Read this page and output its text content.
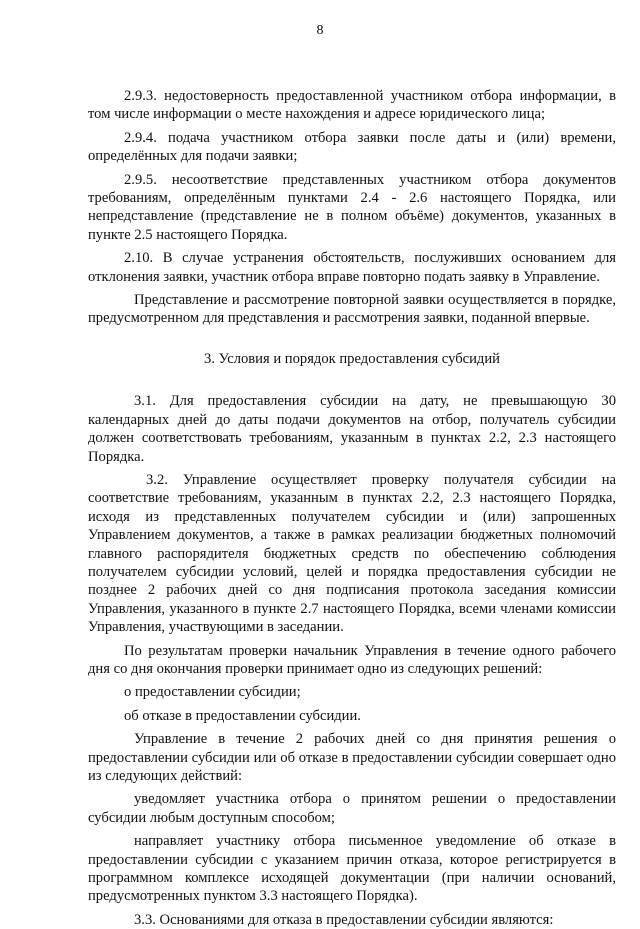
8

2.9.3. недостоверность предоставленной участником отбора информации, в том числе информации о месте нахождения и адресе юридического лица;

2.9.4. подача участником отбора заявки после даты и (или) времени, определённых для подачи заявки;

2.9.5. несоответствие представленных участником отбора документов требованиям, определённым пунктами 2.4 - 2.6 настоящего Порядка, или непредставление (представление не в полном объёме) документов, указанных в пункте 2.5 настоящего Порядка.

2.10. В случае устранения обстоятельств, послуживших основанием для отклонения заявки, участник отбора вправе повторно подать заявку в Управление.

Представление и рассмотрение повторной заявки осуществляется в порядке, предусмотренном для представления и рассмотрения заявки, поданной впервые.

3. Условия и порядок предоставления субсидий

3.1. Для предоставления субсидии на дату, не превышающую 30 календарных дней до даты подачи документов на отбор, получатель субсидии должен соответствовать требованиям, указанным в пунктах 2.2, 2.3 настоящего Порядка.

3.2. Управление осуществляет проверку получателя субсидии на соответствие требованиям, указанным в пунктах 2.2, 2.3 настоящего Порядка, исходя из представленных получателем субсидии и (или) запрошенных Управлением документов, а также в рамках реализации бюджетных полномочий главного распорядителя бюджетных средств по обеспечению соблюдения получателем субсидии условий, целей и порядка предоставления субсидии не позднее 2 рабочих дней со дня подписания протокола заседания комиссии Управления, указанного в пункте 2.7 настоящего Порядка, всеми членами комиссии Управления, участвующими в заседании.

По результатам проверки начальник Управления в течение одного рабочего дня со дня окончания проверки принимает одно из следующих решений:

о предоставлении субсидии;

об отказе в предоставлении субсидии.

Управление в течение 2 рабочих дней со дня принятия решения о предоставлении субсидии или об отказе в предоставлении субсидии совершает одно из следующих действий:

уведомляет участника отбора о принятом решении о предоставлении субсидии любым доступным способом;

направляет участнику отбора письменное уведомление об отказе в предоставлении субсидии с указанием причин отказа, которое регистрируется в программном комплексе исходящей документации (при наличии оснований, предусмотренных пунктом 3.3 настоящего Порядка).

3.3. Основаниями для отказа в предоставлении субсидии являются:
